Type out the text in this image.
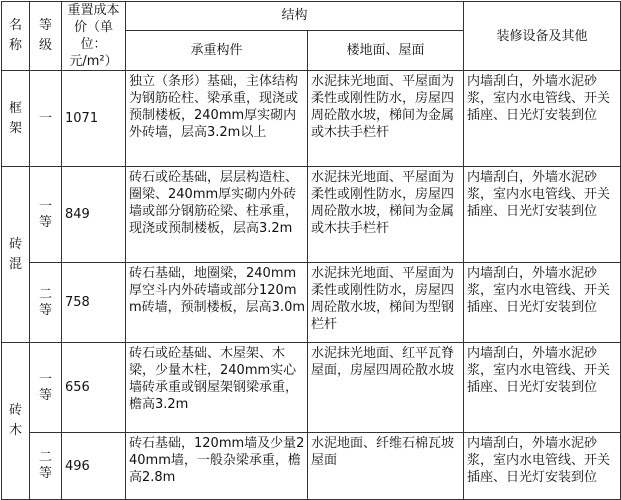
名称	等级	重置成本价（单位：元/m²）	结构		装修设备及其他
			承重构件	楼地面、屋面	
框架	一	1071	独立（条形）基础，主体结构为钢筋砼柱、梁承重，现浇或预制楼板，240mm厚实砌内外砖墙，层高3.2m以上	水泥抹光地面、平屋面为柔性或刚性防水，房屋四周砼散水坡，梯间为金属或木扶手栏杆	内墙刮白，外墙水泥砂浆，室内水电管线、开关插座、日光灯安装到位
砖混	一等	849	砖石或砼基础，层层构造柱、圈梁、240mm厚实砌内外砖墙或部分钢筋砼梁、柱承重，现浇或预制楼板，层高3.2m	水泥抹光地面、平屋面为柔性或刚性防水，房屋四周砼散水坡，梯间为金属或木扶手栏杆	内墙刮白，外墙水泥砂浆，室内水电管线、开关插座、日光灯安装到位
	二等	758	砖石基础，地圈梁，240mm厚空斗内外砖墙或部分120mm砖墙，预制楼板，层高3.0m	水泥抹光地面、平屋面为柔性或刚性防水，房屋四周砼散水坡，梯间为型钢栏杆	内墙刮白，外墙水泥砂浆，室内水电管线、开关插座、日光灯安装到位
砖木	一等	656	砖石或砼基础、木屋架、木梁，少量木柱，240mm实心墙砖承重或钢屋架钢梁承重，檐高3.2m	水泥抹光地面、红平瓦脊屋面，房屋四周砼散水坡	内墙刮白，外墙水泥砂浆，室内水电管线、开关插座、日光灯安装到位
	二等	496	砖石基础，120mm墙及少量240mm墙，一般杂梁承重，檐高2.8m	水泥地面、纤维石棉瓦坡屋面	内墙刮白，外墙水泥砂浆，室内水电管线、开关插座、日光灯安装到位
